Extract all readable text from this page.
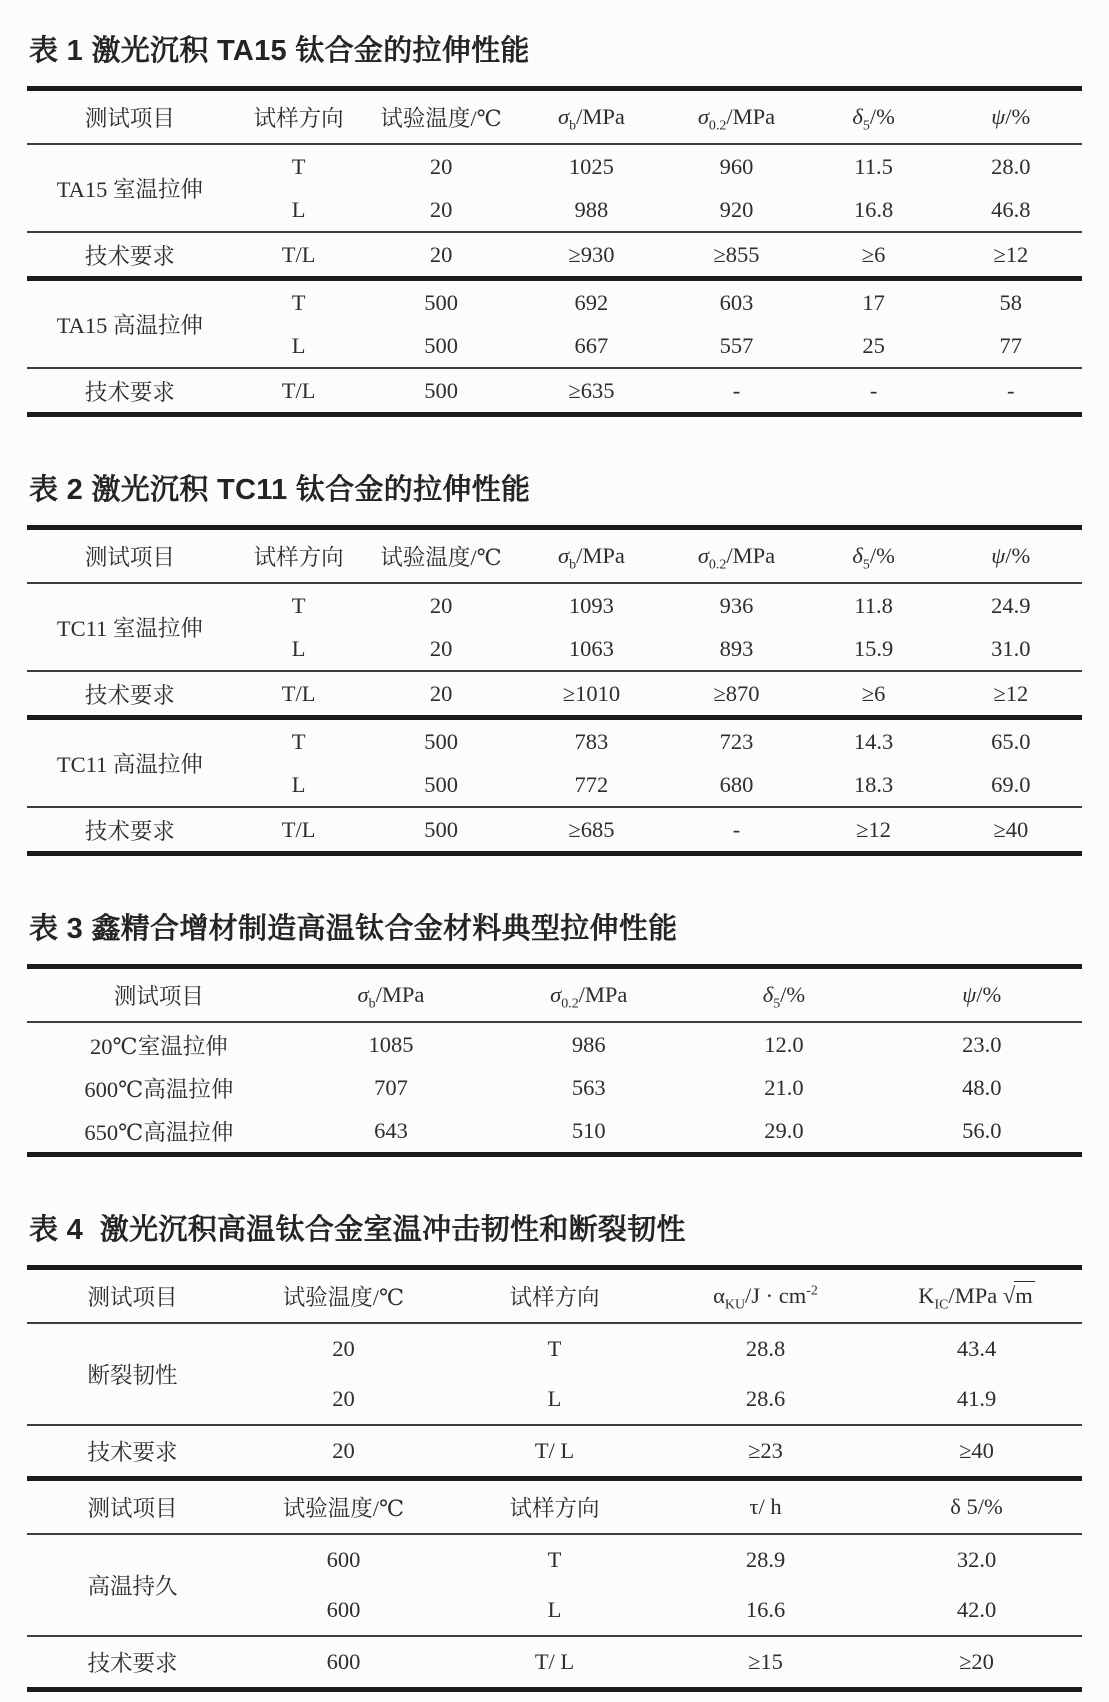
表 1 激光沉积 TA15 钛合金的拉伸性能
测试项目	试样方向	试验温度/℃	$\sigma_b$/MPa	$\sigma_{0.2}$/MPa	$\delta_5/\%$	ψ/%
TA15 室温拉伸	T	20	1025	960	11.5	28.0
	L	20	988	920	16.8	46.8
技术要求	T/L	20	≥930	≥855	≥6	≥12
TA15 高温拉伸	T	500	692	603	17	58
	L	500	667	557	25	77
技术要求	T/L	500	≥635	-	-	-
表 2 激光沉积 TC11 钛合金的拉伸性能
测试项目	试样方向	试验温度/℃	$\sigma_b$/MPa	$\sigma_{0.2}$/MPa	$\delta_5/\%$	ψ/%
TC11 室温拉伸	T	20	1093	936	11.8	24.9
	L	20	1063	893	15.9	31.0
技术要求	T/L	20	≥1010	≥870	≥6	≥12
TC11 高温拉伸	T	500	783	723	14.3	65.0
	L	500	772	680	18.3	69.0
技术要求	T/L	500	≥685	-	≥12	≥40
表 3 鑫精合增材制造高温钛合金材料典型拉伸性能
测试项目	$\sigma_b$/MPa	$\sigma_{0.2}$/MPa	$\delta_5/\%$	ψ/%
20℃室温拉伸	1085	986	12.0	23.0
600℃高温拉伸	707	563	21.0	48.0
650℃高温拉伸	643	510	29.0	56.0
表 4  激光沉积高温钛合金室温冲击韧性和断裂韧性
测试项目	试验温度/℃	试样方向	$\alpha_{KU}/J \cdot cm^{-2}$	$K_{IC}$/MPa √m
断裂韧性	20	T	28.8	43.4
	20	L	28.6	41.9
技术要求	20	T/ L	≥23	≥40
测试项目	试验温度/℃	试样方向	τ/ h	δ 5/%
高温持久	600	T	28.9	32.0
	600	L	16.6	42.0
技术要求	600	T/ L	≥15	≥20
